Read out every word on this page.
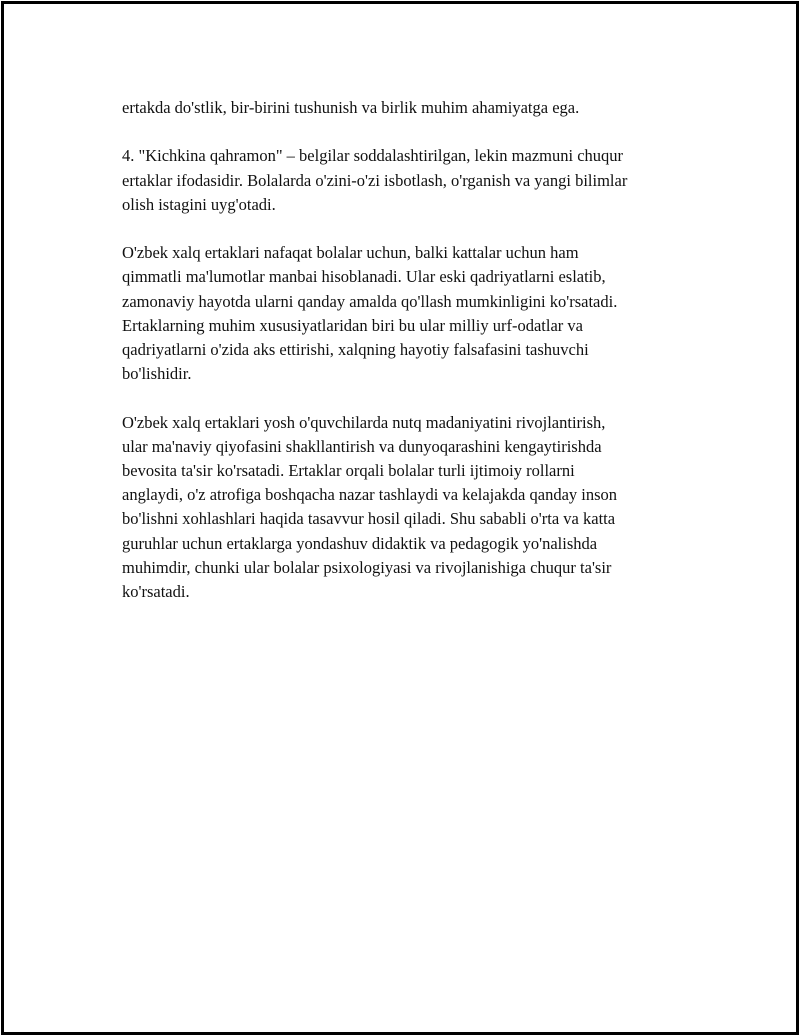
ertakda do'stlik, bir-birini tushunish va birlik muhim ahamiyatga ega.

4. "Kichkina qahramon" – belgilar soddalashtirilgan, lekin mazmuni chuqur
ertaklar ifodasidir. Bolalarda o'zini-o'zi isbotlash, o'rganish va yangi bilimlar
olish istagini uyg'otadi.

O'zbek xalq ertaklari nafaqat bolalar uchun, balki kattalar uchun ham
qimmatli ma'lumotlar manbai hisoblanadi. Ular eski qadriyatlarni eslatib,
zamonaviy hayotda ularni qanday amalda qo'llash mumkinligini ko'rsatadi.
Ertaklarning muhim xususiyatlaridan biri bu ular milliy urf-odatlar va
qadriyatlarni o'zida aks ettirishi, xalqning hayotiy falsafasini tashuvchi
bo'lishidir.

O'zbek xalq ertaklari yosh o'quvchilarda nutq madaniyatini rivojlantirish,
ular ma'naviy qiyofasini shakllantirish va dunyoqarashini kengaytirishda
bevosita ta'sir ko'rsatadi. Ertaklar orqali bolalar turli ijtimoiy rollarni
anglaydi, o'z atrofiga boshqacha nazar tashlaydi va kelajakda qanday inson
bo'lishni xohlashlari haqida tasavvur hosil qiladi. Shu sababli o'rta va katta
guruhlar uchun ertaklarga yondashuv didaktik va pedagogik yo'nalishda
muhimdir, chunki ular bolalar psixologiyasi va rivojlanishiga chuqur ta'sir
ko'rsatadi.
